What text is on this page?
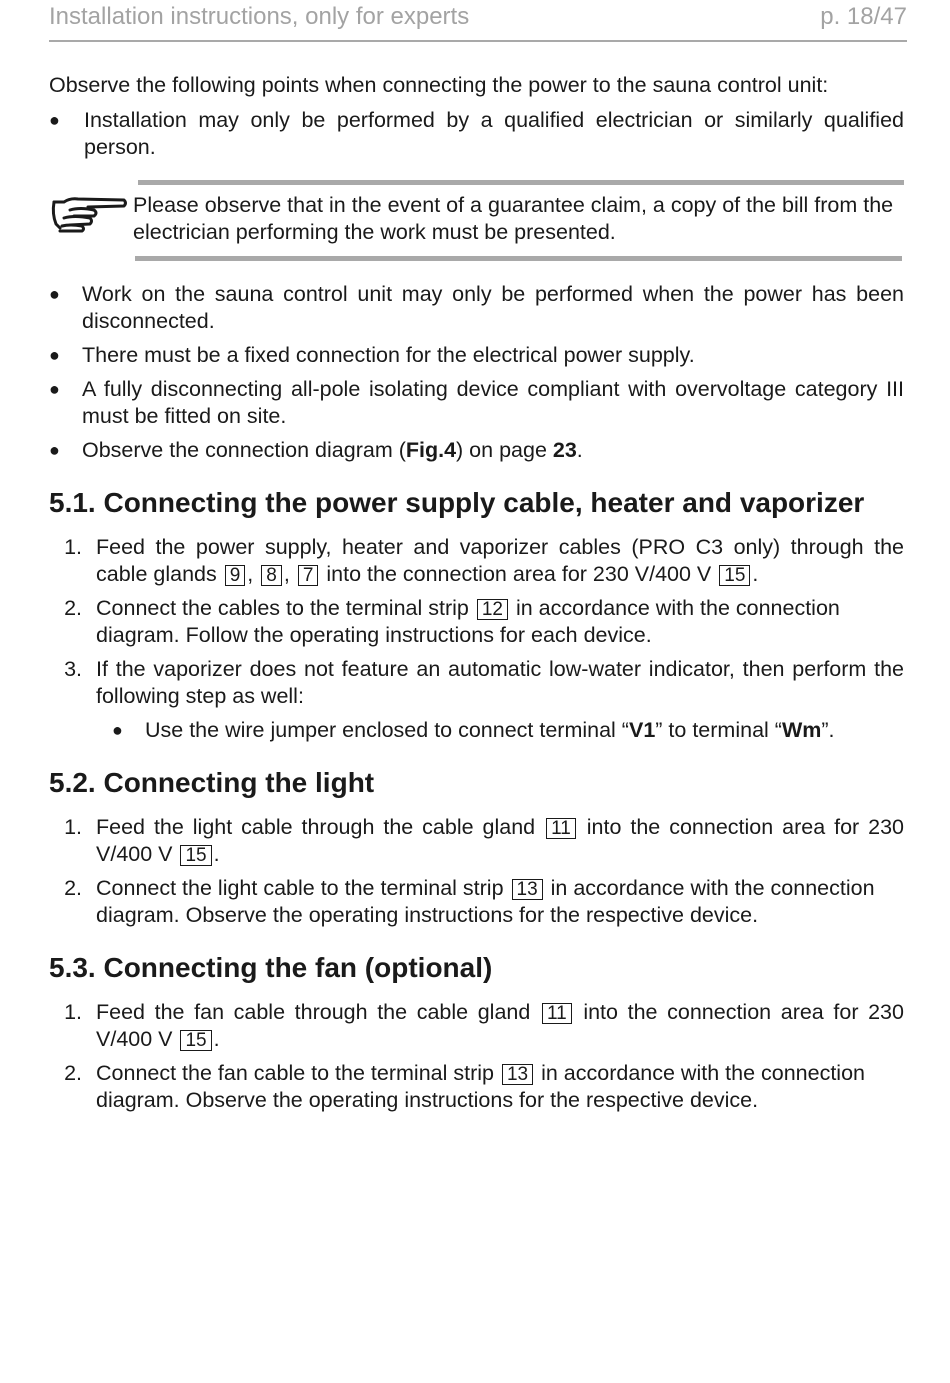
Installation instructions, only for experts	p. 18/47
Observe the following points when connecting the power to the sauna control unit:
●	Installation may only be performed by a qualified electrician or similarly qualified person.
Please observe that in the event of a guarantee claim, a copy of the bill from the electrician performing the work must be presented.
●	Work on the sauna control unit may only be performed when the power has been disconnected.
●	There must be a fixed connection for the electrical power supply.
●	A fully disconnecting all-pole isolating device compliant with overvoltage category III must be fitted on site.
●	Observe the connection diagram (Fig.4) on page 23.
5.1. Connecting the power supply cable, heater and vaporizer
1. Feed the power supply, heater and vaporizer cables (PRO C3 only) through the cable glands 9 , 8 , 7 into the connection area for 230 V/400 V 15 .
2. Connect the cables to the terminal strip 12 in accordance with the connection diagram. Follow the operating instructions for each device.
3. If the vaporizer does not feature an automatic low-water indicator, then perform the following step as well:
●	Use the wire jumper enclosed to connect terminal “V1” to terminal “Wm”.
5.2. Connecting the light
1. Feed the light cable through the cable gland 11 into the connection area for 230 V/400 V 15 .
2. Connect the light cable to the terminal strip 13 in accordance with the connection diagram. Observe the operating instructions for the respective device.
5.3. Connecting the fan (optional)
1. Feed the fan cable through the cable gland 11 into the connection area for 230 V/400 V 15 .
2. Connect the fan cable to the terminal strip 13 in accordance with the connection diagram. Observe the operating instructions for the respective device.
